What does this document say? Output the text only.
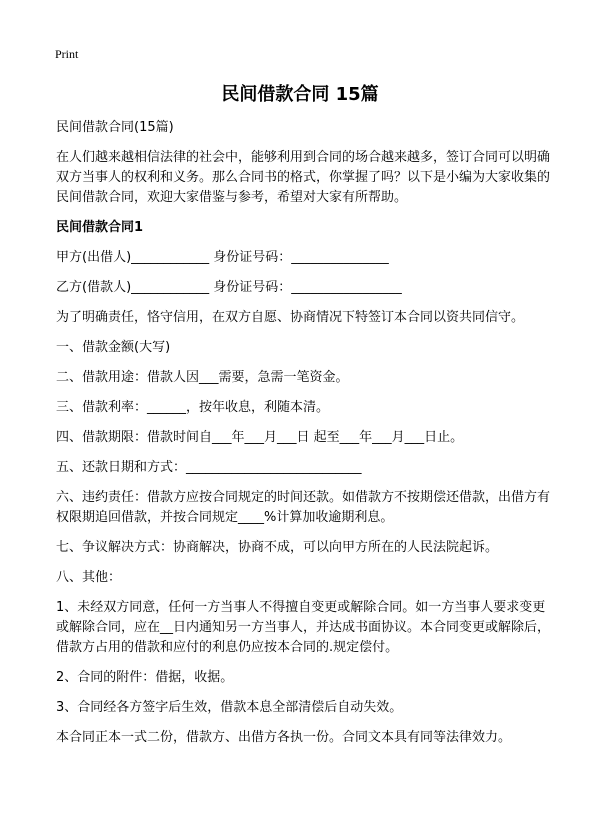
Print
民间借款合同 15篇

民间借款合同(15篇)

在人们越来越相信法律的社会中，能够利用到合同的场合越来越多，签订合同可以明确双方当事人的权利和义务。那么合同书的格式，你掌握了吗？以下是小编为大家收集的民间借款合同，欢迎大家借鉴与参考，希望对大家有所帮助。

民间借款合同1

甲方(出借人)____________ 身份证号码：_______________

乙方(借款人)____________ 身份证号码：_________________

为了明确责任，恪守信用，在双方自愿、协商情况下特签订本合同以资共同信守。

一、借款金额(大写)

二、借款用途：借款人因___需要，急需一笔资金。

三、借款利率：______，按年收息，利随本清。

四、借款期限：借款时间自___年___月___日 起至___年___月___日止。

五、还款日期和方式：___________________________

六、违约责任：借款方应按合同规定的时间还款。如借款方不按期偿还借款，出借方有权限期追回借款，并按合同规定____%计算加收逾期利息。

七、争议解决方式：协商解决，协商不成，可以向甲方所在的人民法院起诉。

八、其他：

1、未经双方同意，任何一方当事人不得擅自变更或解除合同。如一方当事人要求变更或解除合同，应在__日内通知另一方当事人，并达成书面协议。本合同变更或解除后，借款方占用的借款和应付的利息仍应按本合同的.规定偿付。

2、合同的附件：借据，收据。

3、合同经各方签字后生效，借款本息全部清偿后自动失效。

本合同正本一式二份，借款方、出借方各执一份。合同文本具有同等法律效力。
